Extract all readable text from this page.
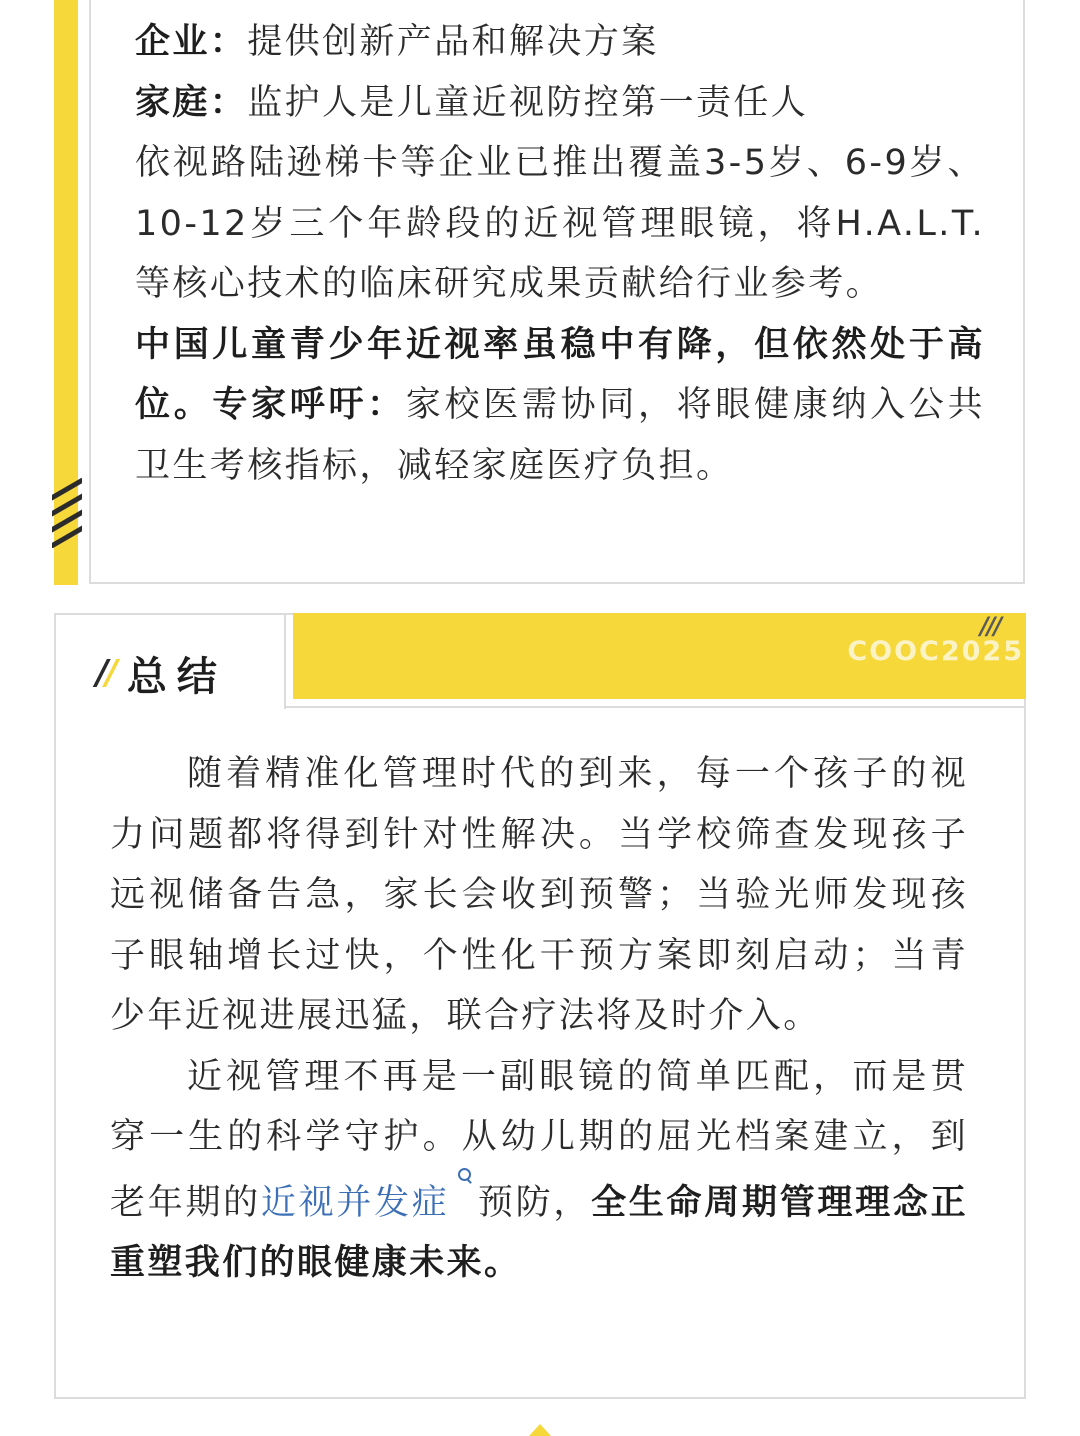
企业：提供创新产品和解决方案

家庭：监护人是儿童近视防控第一责任人

依视路陆逊梯卡等企业已推出覆盖3-5岁、6-9岁、10-12岁三个年龄段的近视管理眼镜，将H.A.L.T.等核心技术的临床研究成果贡献给行业参考。

中国儿童青少年近视率虽稳中有降，但依然处于高位。专家呼吁：家校医需协同，将眼健康纳入公共卫生考核指标，减轻家庭医疗负担。

///
COOC2025
// 总结

随着精准化管理时代的到来，每一个孩子的视力问题都将得到针对性解决。当学校筛查发现孩子远视储备告急，家长会收到预警；当验光师发现孩子眼轴增长过快，个性化干预方案即刻启动；当青少年近视进展迅猛，联合疗法将及时介入。

近视管理不再是一副眼镜的简单匹配，而是贯穿一生的科学守护。从幼儿期的屈光档案建立，到老年期的近视并发症 预防，全生命周期管理理念正重塑我们的眼健康未来。
